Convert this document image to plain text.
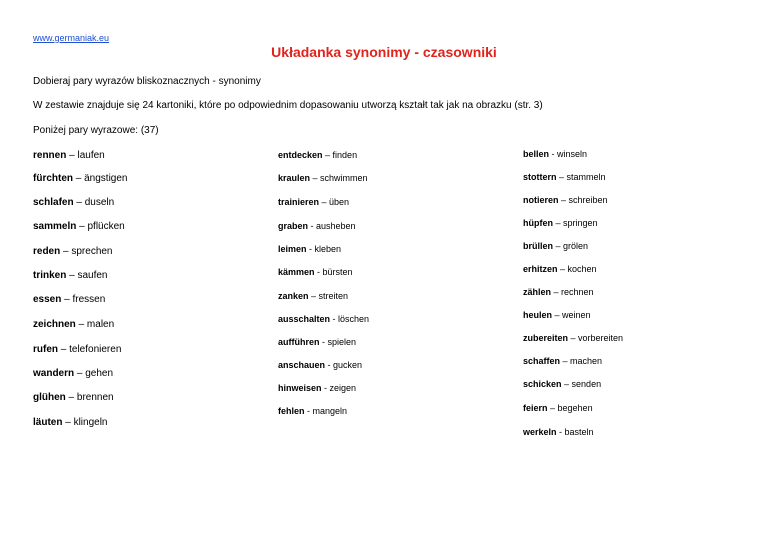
www.germaniak.eu
Układanka synonimy - czasowniki
Dobieraj pary wyrazów bliskoznacznych - synonimy
W zestawie znajduje się 24 kartoniki, które po odpowiednim dopasowaniu utworzą kształt tak jak na obrazku (str. 3)
Poniżej pary wyrazowe: (37)
rennen – laufen
fürchten – ängstigen
schlafen – duseln
sammeln – pflücken
reden – sprechen
trinken – saufen
essen – fressen
zeichnen – malen
rufen – telefonieren
wandern – gehen
glühen – brennen
läuten – klingeln
entdecken – finden
kraulen – schwimmen
trainieren – üben
graben - ausheben
leimen - kleben
kämmen - bürsten
zanken – streiten
ausschalten - löschen
aufführen - spielen
anschauen - gucken
hinweisen - zeigen
fehlen - mangeln
bellen - winseln
stottern – stammeln
notieren – schreiben
hüpfen – springen
brüllen – grölen
erhitzen – kochen
zählen – rechnen
heulen – weinen
zubereiten – vorbereiten
schaffen – machen
schicken – senden
feiern – begehen
werkeln - basteln
